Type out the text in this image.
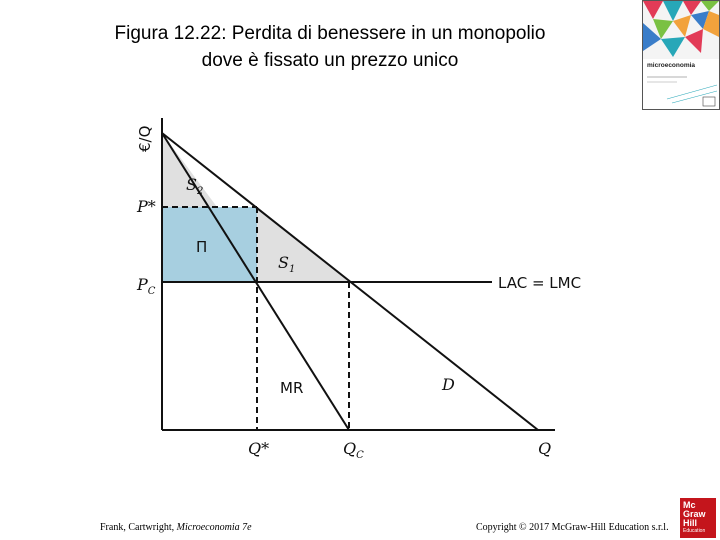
Figura 12.22: Perdita di benessere in un monopolio
dove è fissato un prezzo unico	microeconomia
€/Q
P*
$P_C$
Q*	$Q_C$	Q
Π
$S_2$
$S_1$
LAC = LMC
MR	D
Frank, Cartwright, Microeconomia 7e	Copyright © 2017 McGraw-Hill Education s.r.l.
Mc
Graw
Hill
Education
